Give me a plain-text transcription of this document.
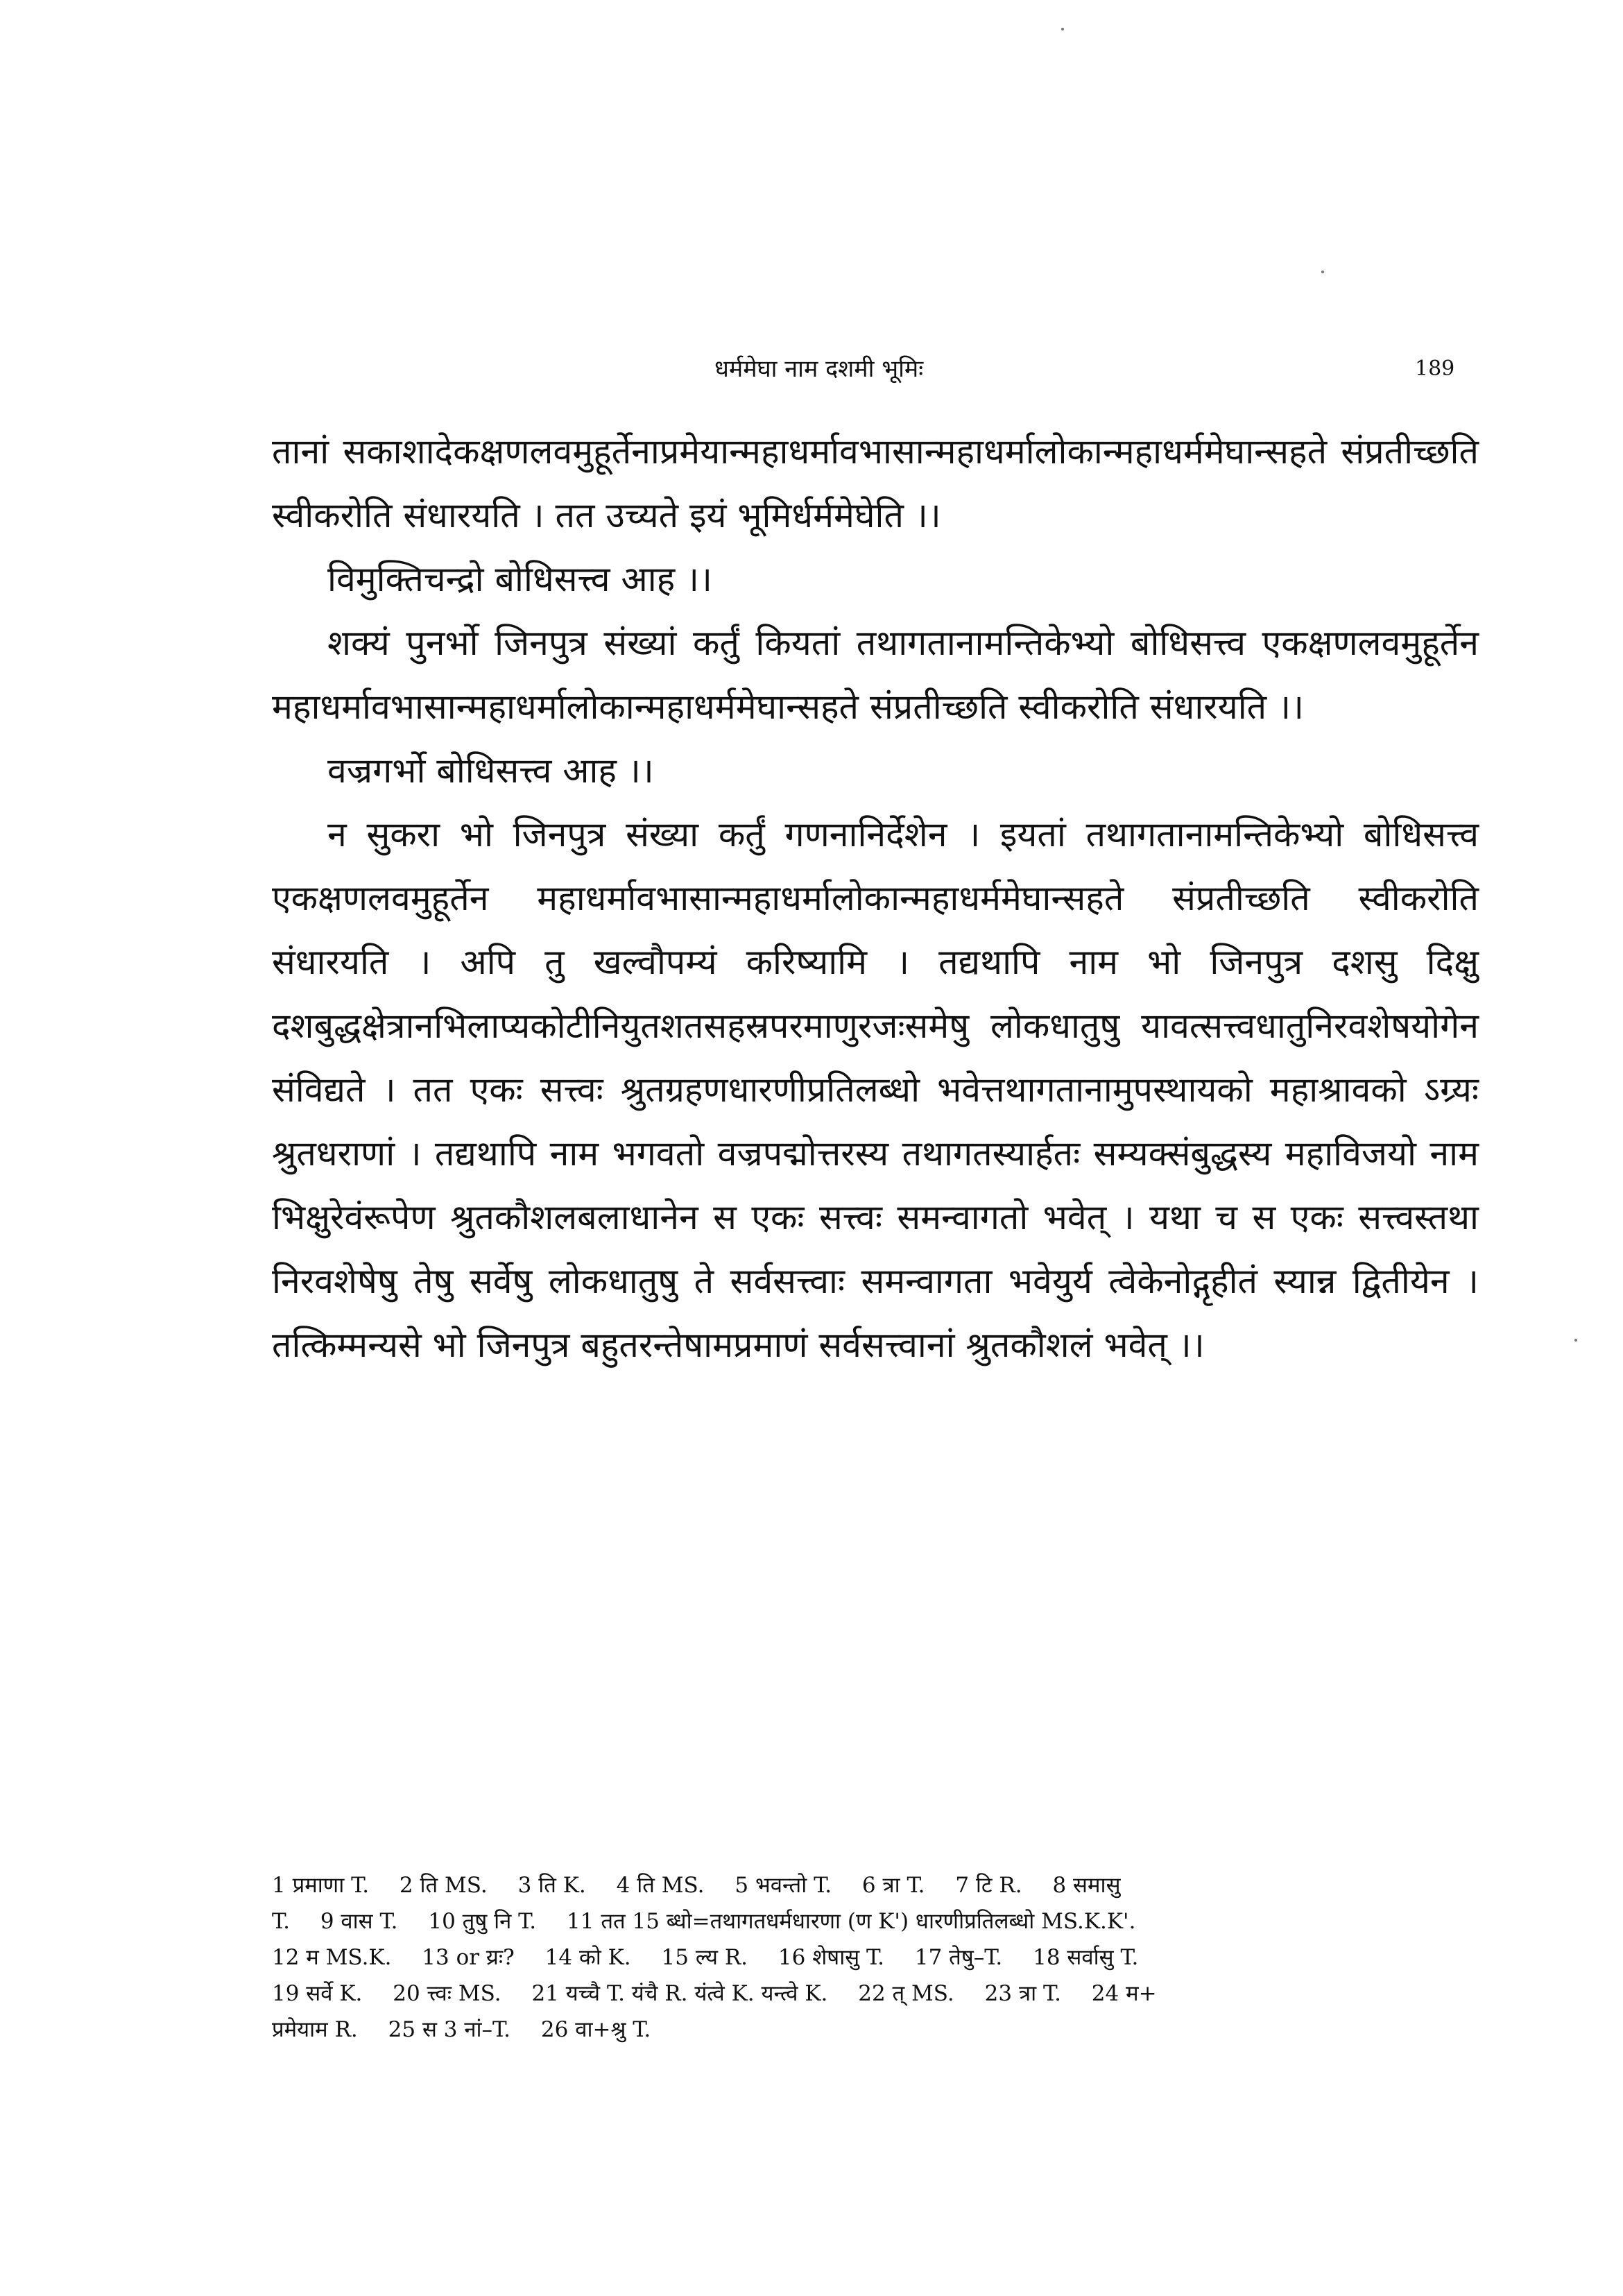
धर्ममेघा नाम दशमी भूमिः	189

तानां सकाशादेकक्षणलवमुहूर्तेनाप्रमेयान्महाधर्मावभासान्महाधर्मालोकान्महाधर्ममेघान्सहते संप्रतीच्छति स्वीकरोति संधारयति । तत उच्यते इयं भूमिर्धर्ममेघेति ।।

विमुक्तिचन्द्रो बोधिसत्त्व आह ।।

शक्यं पुनर्भो जिनपुत्र संख्यां कर्तुं कियतां तथागतानामन्तिकेभ्यो बोधिसत्त्व एकक्षणलवमुहूर्तेन महाधर्मावभासान्महाधर्मालोकान्महाधर्ममेघान्सहते संप्रतीच्छति स्वीकरोति संधारयति ।।

वज्रगर्भो बोधिसत्त्व आह ।।

न सुकरा भो जिनपुत्र संख्या कर्तुं गणनानिर्देशेन । इयतां तथागतानामन्तिकेभ्यो बोधिसत्त्व एकक्षणलवमुहूर्तेन महाधर्मावभासान्महाधर्मालोकान्महाधर्ममेघान्सहते संप्रतीच्छति स्वीकरोति संधारयति । अपि तु खल्वौपम्यं करिष्यामि । तद्यथापि नाम भो जिनपुत्र दशसु दिक्षु दशबुद्धक्षेत्रानभिलाप्यकोटीनियुतशतसहस्रपरमाणुरजःसमेषु लोकधातुषु यावत्सत्त्वधातुनिरवशेषयोगेन संविद्यते । तत एकः सत्त्वः श्रुतग्रहणधारणीप्रतिलब्धो भवेत्तथागतानामुपस्थायको महाश्रावको ऽग्र्यः श्रुतधराणां । तद्यथापि नाम भगवतो वज्रपद्मोत्तरस्य तथागतस्यार्हतः सम्यक्संबुद्धस्य महाविजयो नाम भिक्षुरेवंरूपेण श्रुतकौशलबलाधानेन स एकः सत्त्वः समन्वागतो भवेत् । यथा च स एकः सत्त्वस्तथा निरवशेषेषु तेषु सर्वेषु लोकधातुषु ते सर्वसत्त्वाः समन्वागता भवेयुर्य त्वेकेनोद्गृहीतं स्यान्न द्वितीयेन । तत्किम्मन्यसे भो जिनपुत्र बहुतरन्तेषामप्रमाणं सर्वसत्त्वानां श्रुतकौशलं भवेत् ।।

1 प्रमाणा T. 2 ति MS. 3 ति K. 4 ति MS. 5 भवन्तो T. 6 त्रा T. 7 टि R. 8 समासु
T. 9 वास T. 10 तुषु नि T. 11 तत 15 ब्धो=तथागतधर्मधारणा (ण K') धारणीप्रतिलब्धो MS.K.K'.
12 म MS.K. 13 or य्रः? 14 को K. 15 ल्य R. 16 शेषासु T. 17 तेषु–T. 18 सर्वासु T.
19 सर्वे K. 20 त्त्वः MS. 21 यच्चै T. यंचै R. यंत्वे K. यन्त्वे K. 22 त् MS. 23 त्रा T. 24 म+
प्रमेयाम R. 25 स 3 नां–T. 26 वा+श्रु T.
